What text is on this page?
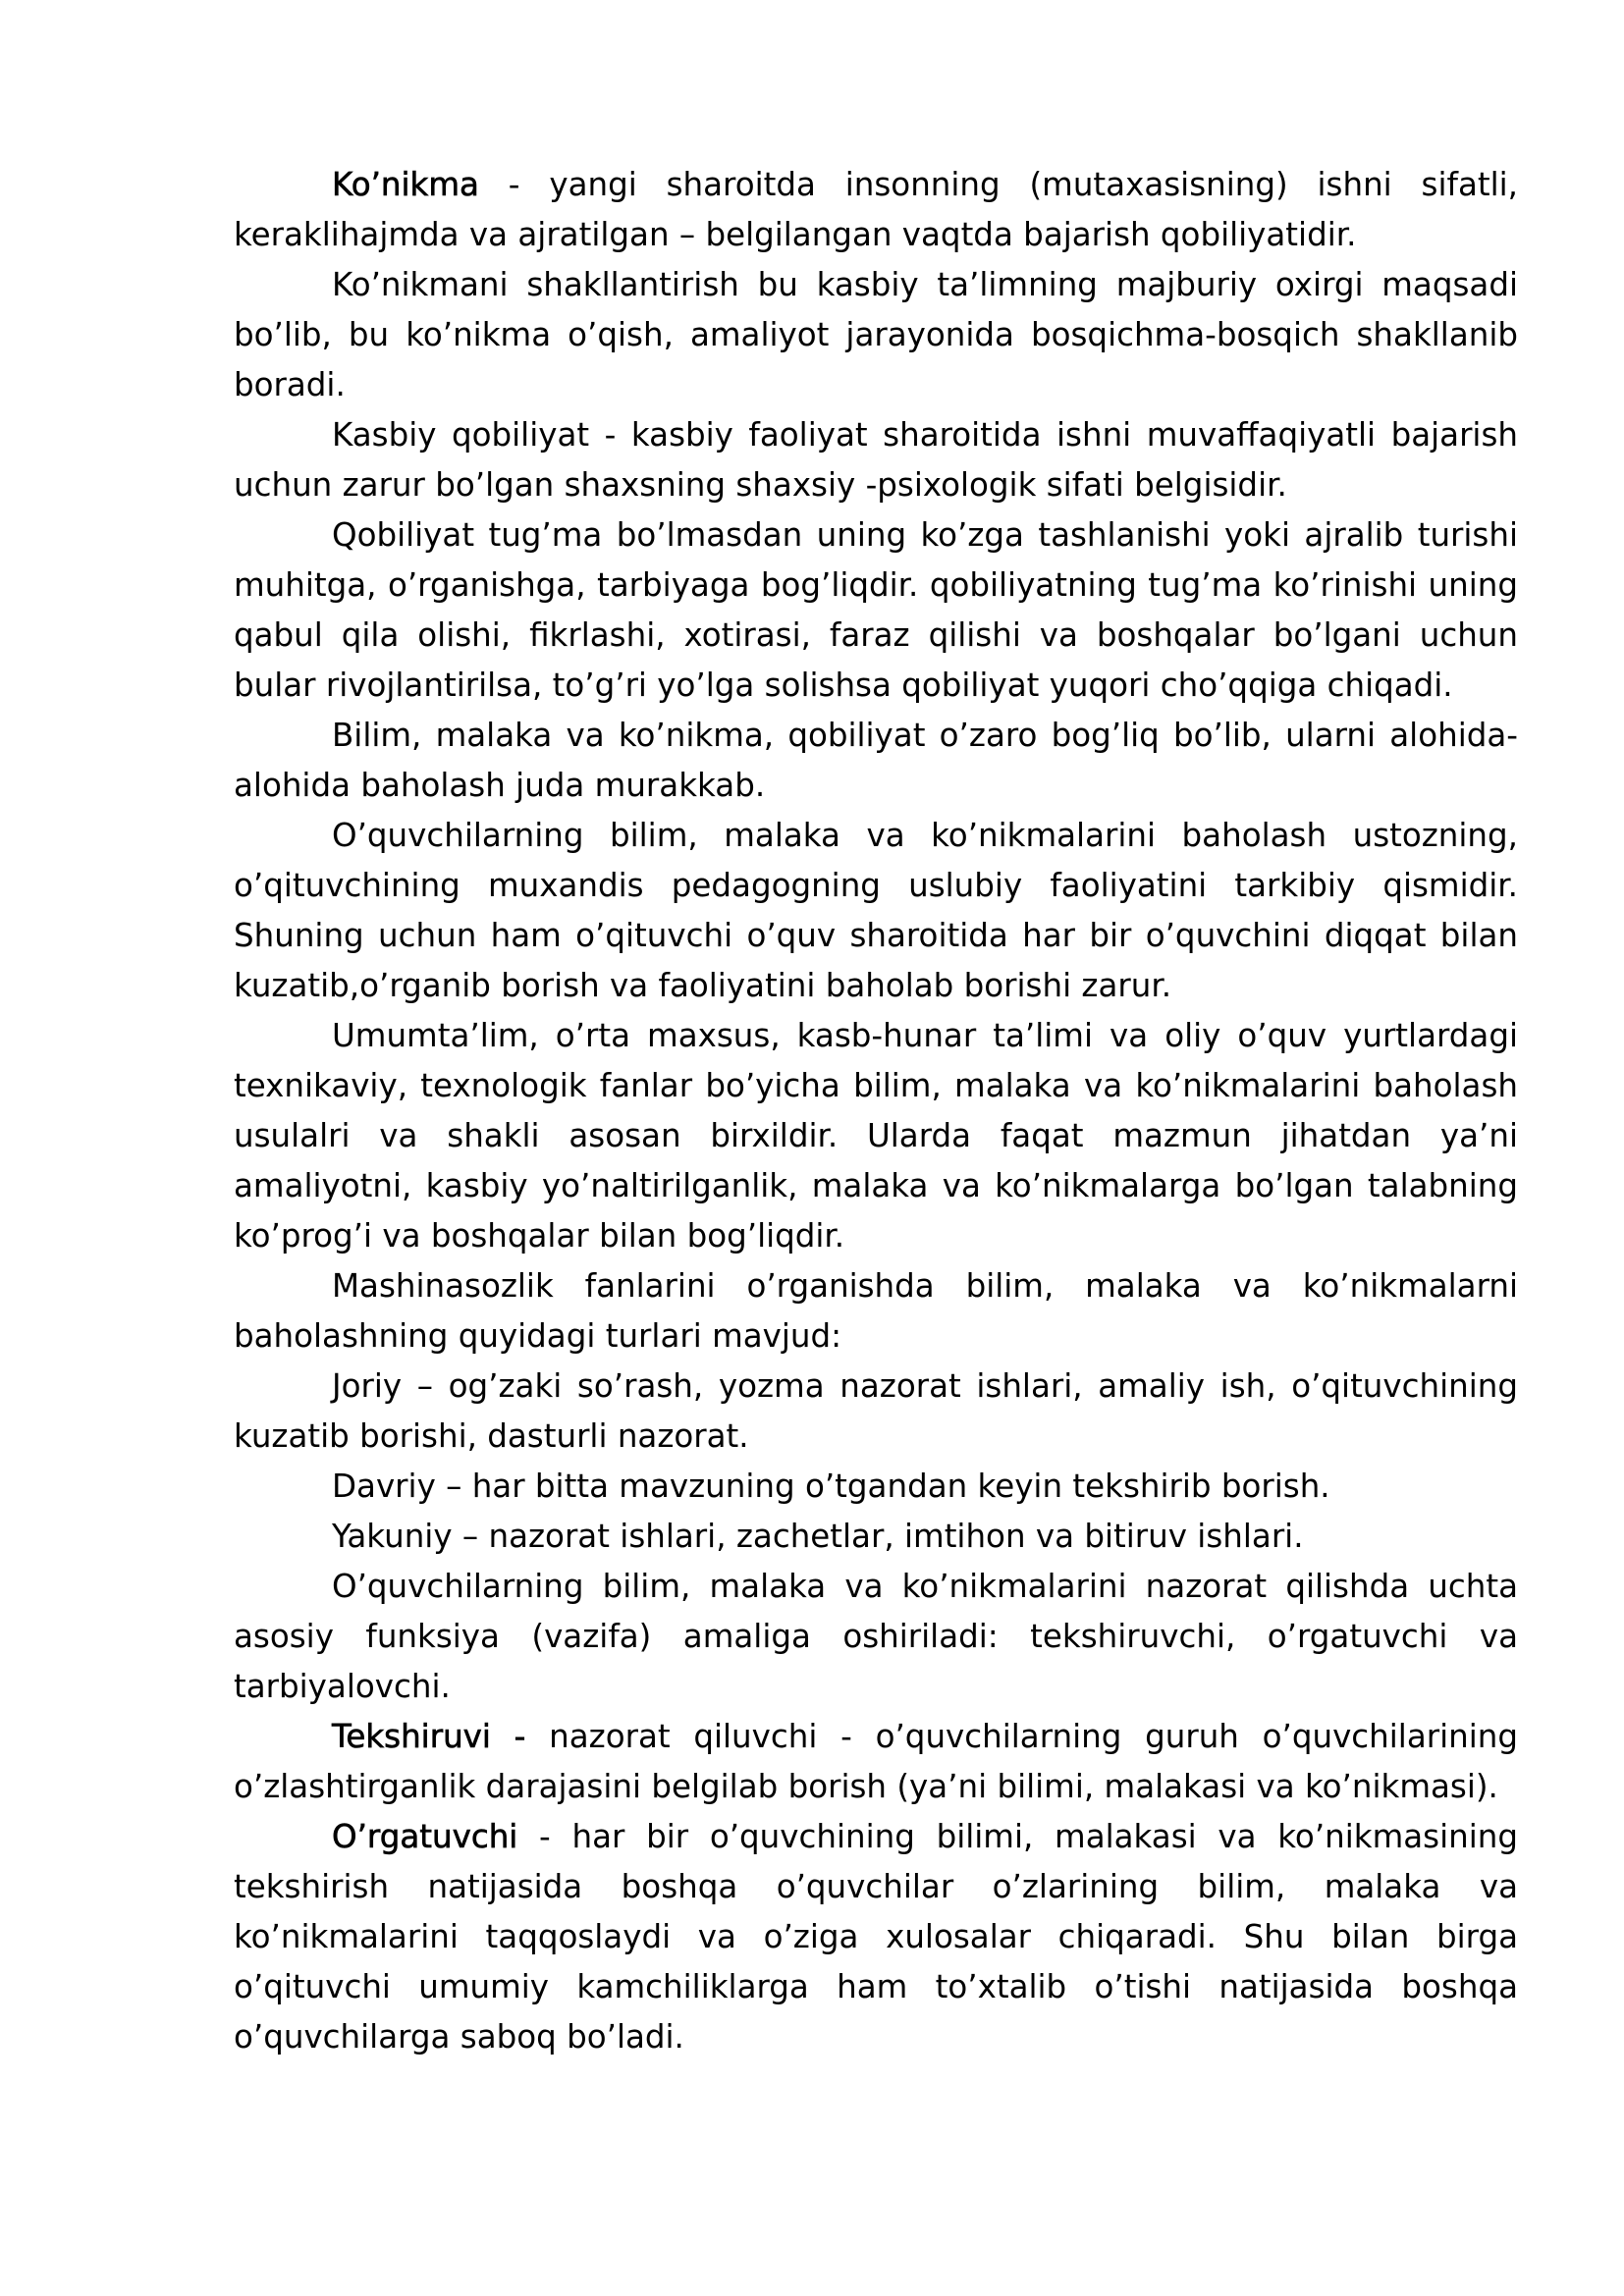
Ko’nikma - yangi sharoitda insonning (mutaxasisning) ishni sifatli, keraklihajmda va ajratilgan – belgilangan vaqtda bajarish qobiliyatidir.

Ko’nikmani shakllantirish bu kasbiy ta’limning majburiy oxirgi maqsadi bo’lib, bu ko’nikma o’qish, amaliyot jarayonida bosqichma-bosqich shakllanib boradi.

Kasbiy qobiliyat - kasbiy faoliyat sharoitida ishni muvaffaqiyatli bajarish uchun zarur bo’lgan shaxsning shaxsiy -psixologik sifati belgisidir.

Qobiliyat tug’ma bo’lmasdan uning ko’zga tashlanishi yoki ajralib turishi muhitga, o’rganishga, tarbiyaga bog’liqdir. qobiliyatning tug’ma ko’rinishi uning qabul qila olishi, fikrlashi, xotirasi, faraz qilishi va boshqalar bo’lgani uchun bular rivojlantirilsa, to’g’ri yo’lga solishsa qobiliyat yuqori cho’qqiga chiqadi.

Bilim, malaka va ko’nikma, qobiliyat o’zaro bog’liq bo’lib, ularni alohida-alohida baholash juda murakkab.

O’quvchilarning bilim, malaka va ko’nikmalarini baholash ustozning, o’qituvchining muxandis pedagogning uslubiy faoliyatini tarkibiy qismidir. Shuning uchun ham o’qituvchi o’quv sharoitida har bir o’quvchini diqqat bilan kuzatib,o’rganib borish va faoliyatini baholab borishi zarur.

Umumta’lim, o’rta maxsus, kasb-hunar ta’limi va oliy o’quv yurtlardagi texnikaviy, texnologik fanlar bo’yicha bilim, malaka va ko’nikmalarini baholash usulalri va shakli asosan birxildir. Ularda faqat mazmun jihatdan ya’ni amaliyotni, kasbiy yo’naltirilganlik, malaka va ko’nikmalarga bo’lgan talabning ko’prog’i va boshqalar bilan bog’liqdir.

Mashinasozlik fanlarini o’rganishda bilim, malaka va ko’nikmalarni baholashning quyidagi turlari mavjud:

Joriy – og’zaki so’rash, yozma nazorat ishlari, amaliy ish, o’qituvchining kuzatib borishi, dasturli nazorat.

Davriy – har bitta mavzuning o’tgandan keyin tekshirib borish.

Yakuniy – nazorat ishlari, zachetlar, imtihon va bitiruv ishlari.

O’quvchilarning bilim, malaka va ko’nikmalarini nazorat qilishda uchta asosiy funksiya (vazifa) amaliga oshiriladi: tekshiruvchi, o’rgatuvchi va tarbiyalovchi.

Tekshiruvi - nazorat qiluvchi - o’quvchilarning guruh o’quvchilarining o’zlashtirganlik darajasini belgilab borish (ya’ni bilimi, malakasi va ko’nikmasi).

O’rgatuvchi - har bir o’quvchining bilimi, malakasi va ko’nikmasining tekshirish natijasida boshqa o’quvchilar o’zlarining bilim, malaka va ko’nikmalarini taqqoslaydi va o’ziga xulosalar chiqaradi. Shu bilan birga o’qituvchi umumiy kamchiliklarga ham to’xtalib o’tishi natijasida boshqa o’quvchilarga saboq bo’ladi.
